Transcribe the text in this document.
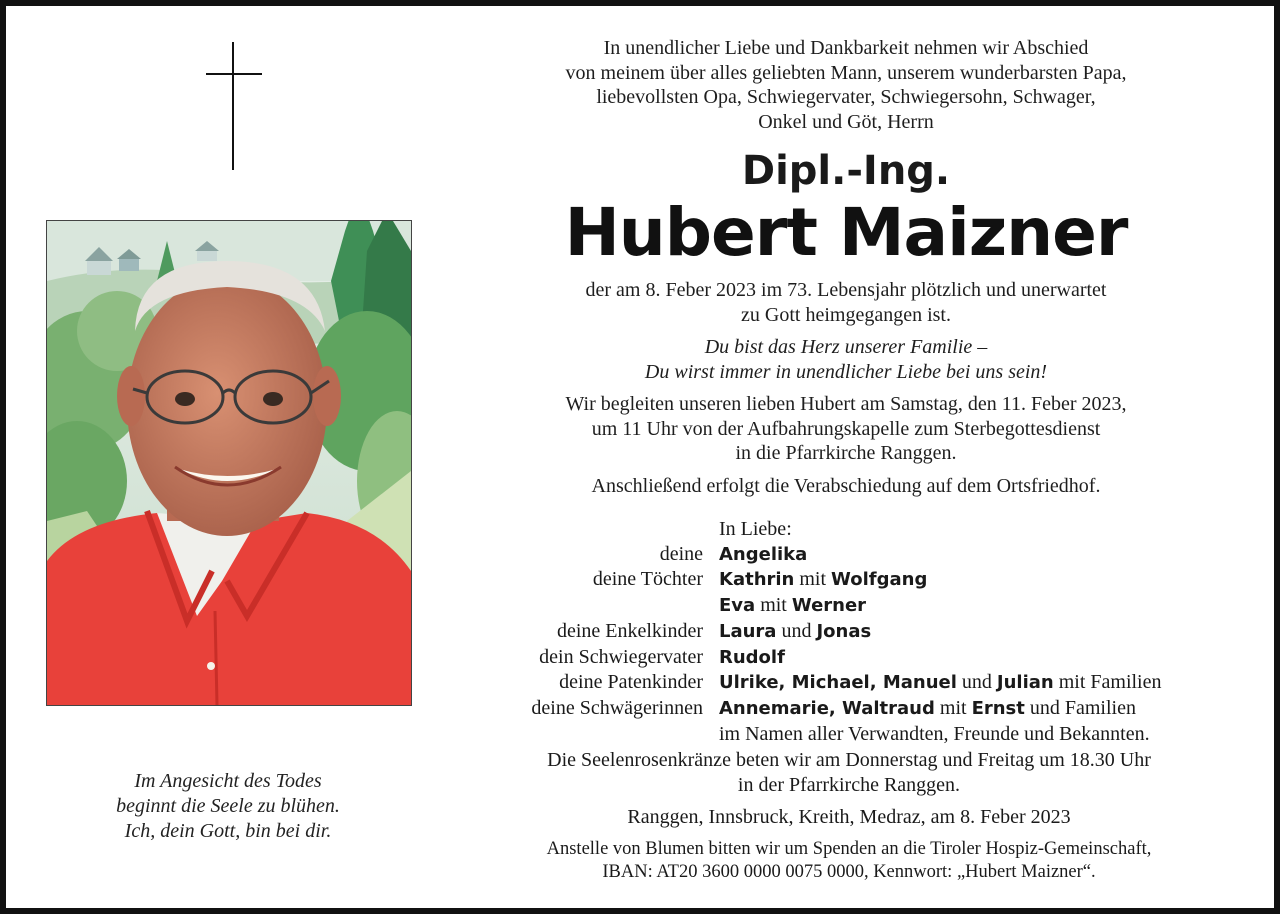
Im Angesicht des Todes
beginnt die Seele zu blühen.
Ich, dein Gott, bin bei dir.
In unendlicher Liebe und Dankbarkeit nehmen wir Abschied
von meinem über alles geliebten Mann, unserem wunderbarsten Papa,
liebevollsten Opa, Schwiegervater, Schwiegersohn, Schwager,
Onkel und Göt, Herrn
Dipl.-Ing.
Hubert Maizner
der am 8. Feber 2023 im 73. Lebensjahr plötzlich und unerwartet
zu Gott heimgegangen ist.
Du bist das Herz unserer Familie –
Du wirst immer in unendlicher Liebe bei uns sein!
Wir begleiten unseren lieben Hubert am Samstag, den 11. Feber 2023,
um 11 Uhr von der Aufbahrungskapelle zum Sterbegottesdienst
in die Pfarrkirche Ranggen.
Anschließend erfolgt die Verabschiedung auf dem Ortsfriedhof.
In Liebe:
deine Angelika
deine Töchter Kathrin mit Wolfgang
Eva mit Werner
deine Enkelkinder Laura und Jonas
dein Schwiegervater Rudolf
deine Patenkinder Ulrike, Michael, Manuel und Julian mit Familien
deine Schwägerinnen Annemarie, Waltraud mit Ernst und Familien
im Namen aller Verwandten, Freunde und Bekannten.
Die Seelenrosenkränze beten wir am Donnerstag und Freitag um 18.30 Uhr
in der Pfarrkirche Ranggen.
Ranggen, Innsbruck, Kreith, Medraz, am 8. Feber 2023
Anstelle von Blumen bitten wir um Spenden an die Tiroler Hospiz-Gemeinschaft,
IBAN: AT20 3600 0000 0075 0000, Kennwort: „Hubert Maizner“.
